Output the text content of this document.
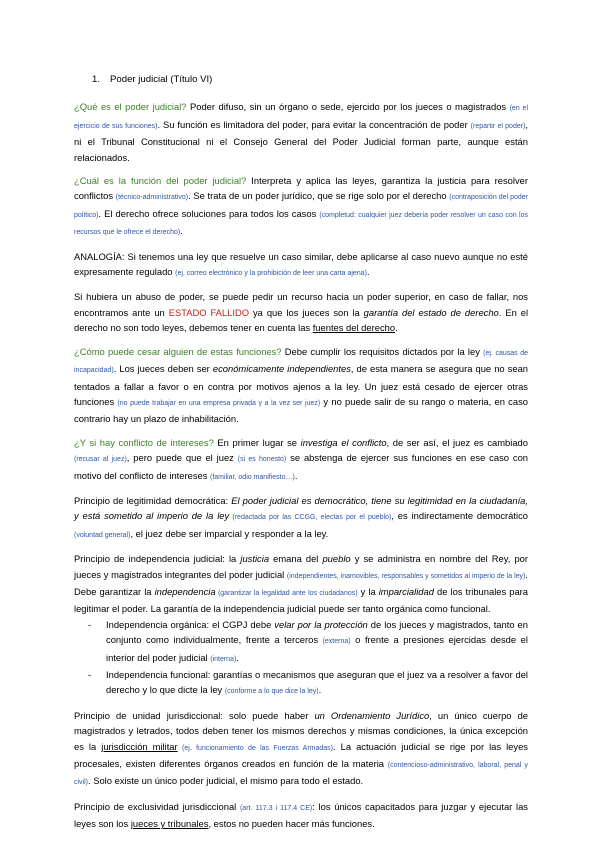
1. Poder judicial (Título VI)

¿Qué es el poder judicial? Poder difuso, sin un órgano o sede, ejercido por los jueces o magistrados (en el ejercicio de sus funciones). Su función es limitadora del poder, para evitar la concentración de poder (repartir el poder), ni el Tribunal Constitucional ni el Consejo General del Poder Judicial forman parte, aunque están relacionados.

¿Cuál es la función del poder judicial? Interpreta y aplica las leyes, garantiza la justicia para resolver conflictos (técnico-administrativo). Se trata de un poder jurídico, que se rige solo por el derecho (contraposición del poder político). El derecho ofrece soluciones para todos los casos (completud: cualquier juez debería poder resolver un caso con los recursos que le ofrece el derecho).

ANALOGÍA: Si tenemos una ley que resuelve un caso similar, debe aplicarse al caso nuevo aunque no esté expresamente regulado (ej. correo electrónico y la prohibición de leer una carta ajena).

Si hubiera un abuso de poder, se puede pedir un recurso hacia un poder superior, en caso de fallar, nos encontramos ante un ESTADO FALLIDO ya que los jueces son la garantía del estado de derecho. En el derecho no son todo leyes, debemos tener en cuenta las fuentes del derecho.

¿Cómo puede cesar alguien de estas funciones? Debe cumplir los requisitos dictados por la ley (ej. causas de incapacidad). Los jueces deben ser económicamente independientes, de esta manera se asegura que no sean tentados a fallar a favor o en contra por motivos ajenos a la ley. Un juez está cesado de ejercer otras funciones (no puede trabajar en una empresa privada y a la vez ser juez) y no puede salir de su rango o materia, en caso contrario hay un plazo de inhabilitación.

¿Y si hay conflicto de intereses? En primer lugar se investiga el conflicto, de ser así, el juez es cambiado (recusar al juez), pero puede que el juez (si es honesto) se abstenga de ejercer sus funciones en ese caso con motivo del conflicto de intereses (familiar, odio manifiesto…).

Principio de legitimidad democrática: El poder judicial es democrático, tiene su legitimidad en la ciudadanía, y está sometido al imperio de la ley (redactada por las CCGG, electas por el pueblo), es indirectamente democrático (voluntad general), el juez debe ser imparcial y responder a la ley.

Principio de independencia judicial: la justicia emana del pueblo y se administra en nombre del Rey, por jueces y magistrados integrantes del poder judicial (independientes, inamovibles, responsables y sometidos al imperio de la ley). Debe garantizar la independencia (garantizar la legalidad ante los ciudadanos) y la imparcialidad de los tribunales para legitimar el poder. La garantía de la independencia judicial puede ser tanto orgánica como funcional.

- Independencia orgánica: el CGPJ debe velar por la protección de los jueces y magistrados, tanto en conjunto como individualmente, frente a terceros (externa) o frente a presiones ejercidas desde el interior del poder judicial (interna).
- Independencia funcional: garantías o mecanismos que aseguran que el juez va a resolver a favor del derecho y lo que dicte la ley (conforme a lo que dice la ley).

Principio de unidad jurisdiccional: solo puede haber un Ordenamiento Jurídico, un único cuerpo de magistrados y letrados, todos deben tener los mismos derechos y mismas condiciones, la única excepción es la jurisdicción militar (ej. funcionamiento de las Fuerzas Armadas). La actuación judicial se rige por las leyes procesales, existen diferentes órganos creados en función de la materia (contencioso-administrativo, laboral, penal y civil). Solo existe un único poder judicial, el mismo para todo el estado.

Principio de exclusividad jurisdiccional (art. 117.3 i 117.4 CE): los únicos capacitados para juzgar y ejecutar las leyes son los jueces y tribunales, estos no pueden hacer más funciones.
